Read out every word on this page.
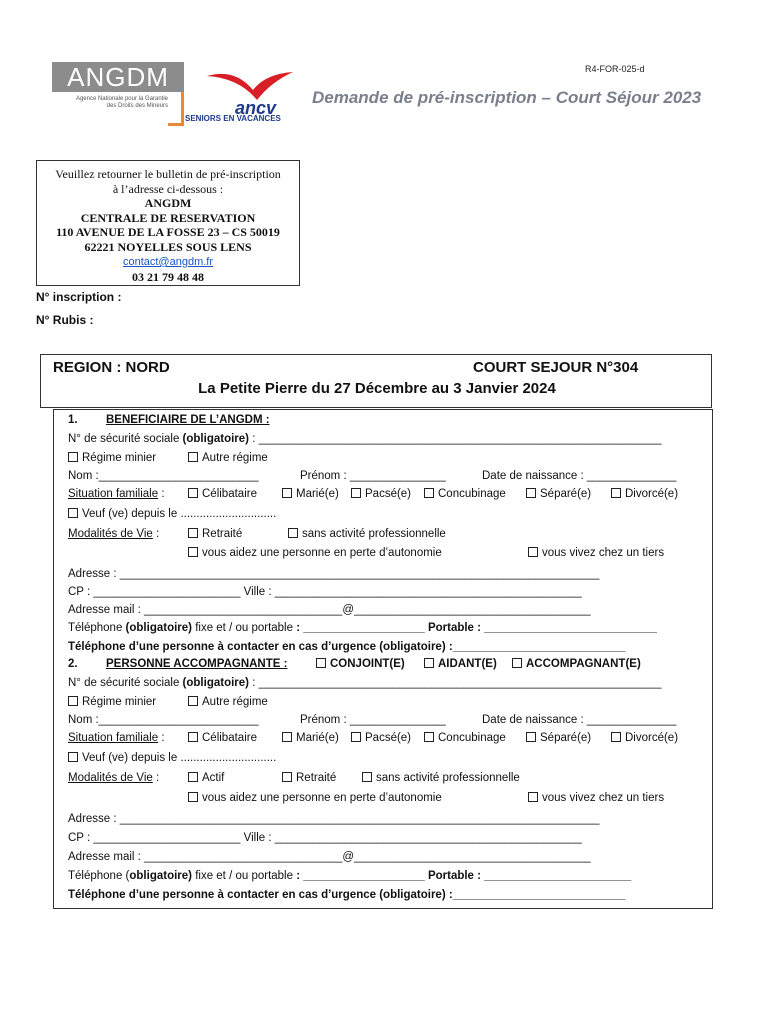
R4-FOR-025-d
ANGDM
Agence Nationale pour la Garantie des Droits des Mineurs	ancv
SENIORS EN VACANCES
Demande de pré-inscription – Court Séjour 2023
Veuillez retourner le bulletin de pré-inscription
à l’adresse ci-dessous :
ANGDM
CENTRALE DE RESERVATION
110 AVENUE DE LA FOSSE 23 – CS 50019
62221 NOYELLES SOUS LENS
contact@angdm.fr
03 21 79 48 48
N° inscription :
N° Rubis :
REGION : NORD	COURT SEJOUR N°304
La Petite Pierre du 27 Décembre au 3 Janvier 2024
1. BENEFICIAIRE DE L’ANGDM :
N° de sécurité sociale (obligatoire) : _______________________________________________________________
Régime minier	Autre régime
Nom :_________________________	Prénom : _______________	Date de naissance : ______________
Situation familiale :	Célibataire	Marié(e)	Pacsé(e)	Concubinage	Séparé(e)	Divorcé(e)
Veuf (ve) depuis le ..............................
Modalités de Vie :	Retraité	sans activité professionnelle
vous aidez une personne en perte d’autonomie	vous vivez chez un tiers
Adresse : ___________________________________________________________________________
CP : _______________________ Ville : ________________________________________________
Adresse mail : _______________________________@_____________________________________
Téléphone (obligatoire) fixe et / ou portable : ___________________ Portable : ___________________________
Téléphone d’une personne à contacter en cas d’urgence (obligatoire) :___________________________
2. PERSONNE ACCOMPAGNANTE :	CONJOINT(E)	AIDANT(E)	ACCOMPAGNANT(E)
N° de sécurité sociale (obligatoire) : _______________________________________________________________
Régime minier	Autre régime
Nom :_________________________	Prénom : _______________	Date de naissance : ______________
Situation familiale :	Célibataire	Marié(e)	Pacsé(e)	Concubinage	Séparé(e)	Divorcé(e)
Veuf (ve) depuis le ..............................
Modalités de Vie :	Actif	Retraité	sans activité professionnelle
vous aidez une personne en perte d’autonomie	vous vivez chez un tiers
Adresse : ___________________________________________________________________________
CP : _______________________ Ville : ________________________________________________
Adresse mail : _______________________________@_____________________________________
Téléphone (obligatoire) fixe et / ou portable : ___________________ Portable : _______________________
Téléphone d’une personne à contacter en cas d’urgence (obligatoire) :___________________________
